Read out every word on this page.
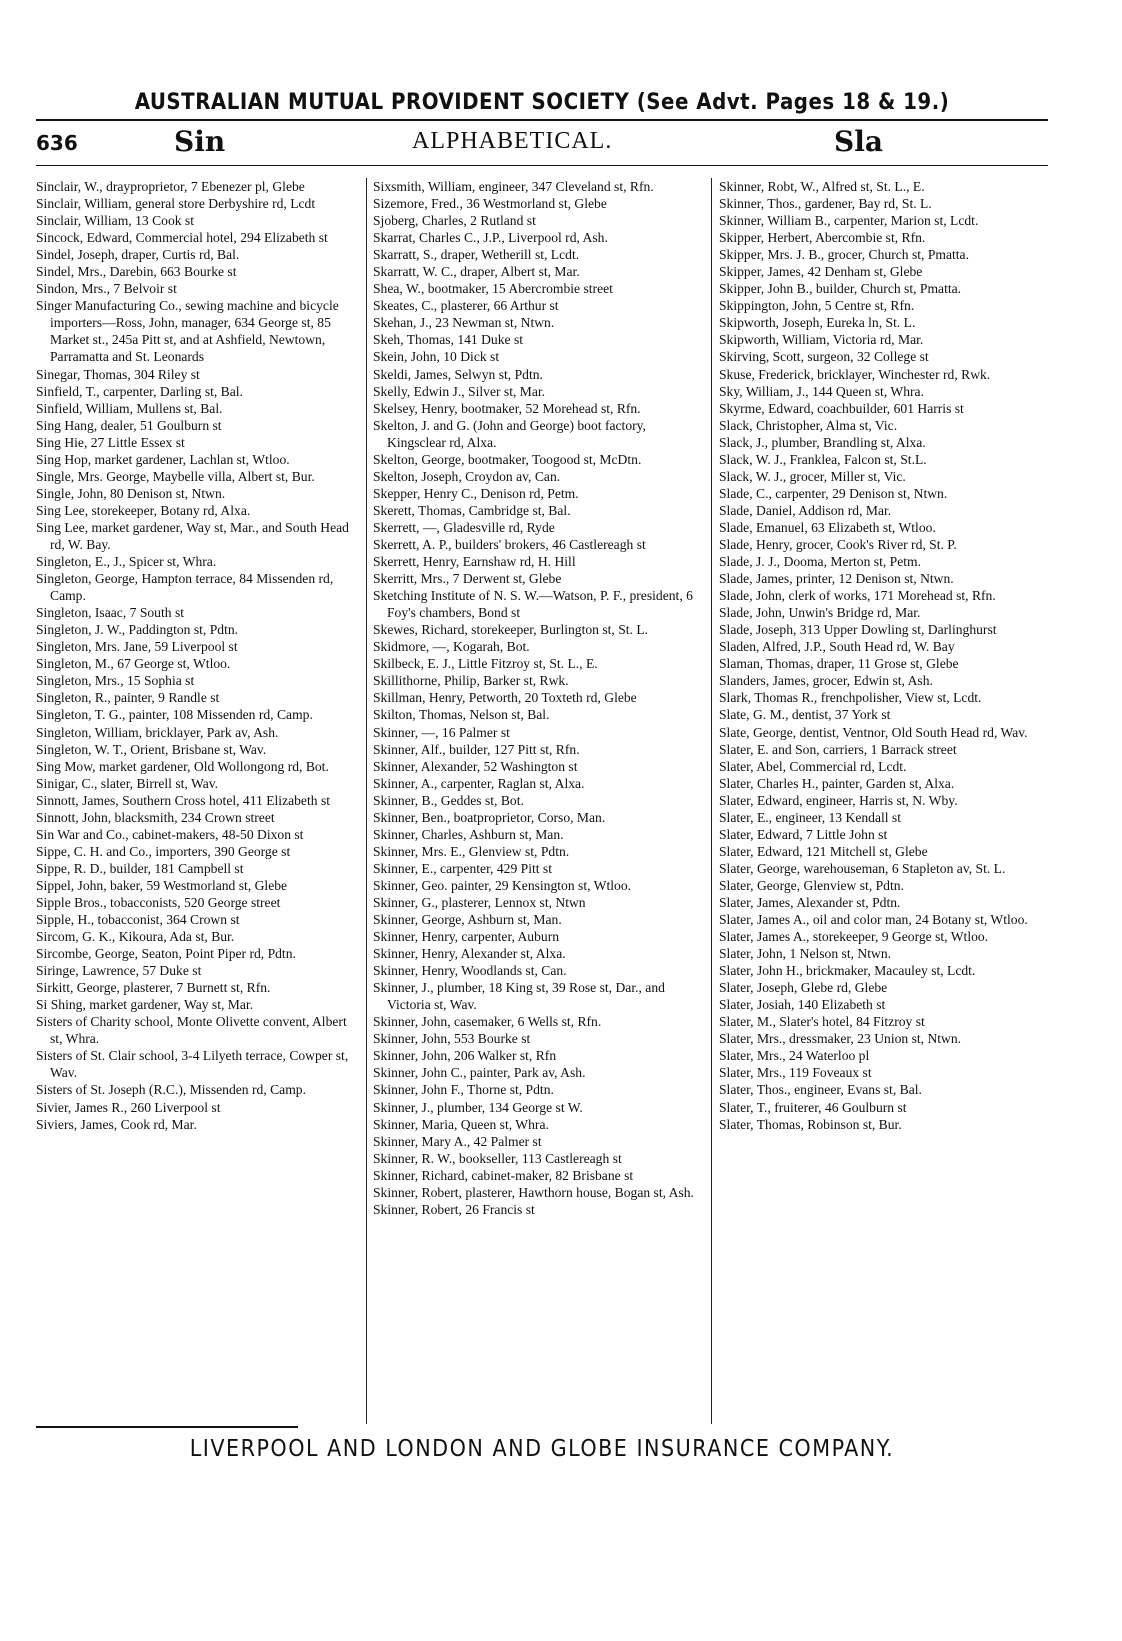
AUSTRALIAN MUTUAL PROVIDENT SOCIETY (See Advt. Pages 18 & 19.)
636	Sin	ALPHABETICAL.	Sla
Sinclair, W., drayproprietor, 7 Ebenezer pl, Glebe
Sinclair, William, general store Derbyshire rd, Lcdt
Sinclair, William, 13 Cook st
Sincock, Edward, Commercial hotel, 294 Elizabeth st
Sindel, Joseph, draper, Curtis rd, Bal.
Sindel, Mrs., Darebin, 663 Bourke st
Sindon, Mrs., 7 Belvoir st
Singer Manufacturing Co., sewing machine and bicycle importers—Ross, John, manager, 634 George st, 85 Market st., 245a Pitt st, and at Ashfield, Newtown, Parramatta and St. Leonards
Sinegar, Thomas, 304 Riley st
Sinfield, T., carpenter, Darling st, Bal.
Sinfield, William, Mullens st, Bal.
Sing Hang, dealer, 51 Goulburn st
Sing Hie, 27 Little Essex st
Sing Hop, market gardener, Lachlan st, Wtloo.
Single, Mrs. George, Maybelle villa, Albert st, Bur.
Single, John, 80 Denison st, Ntwn.
Sing Lee, storekeeper, Botany rd, Alxa.
Sing Lee, market gardener, Way st, Mar., and South Head rd, W. Bay.
Singleton, E., J., Spicer st, Whra.
Singleton, George, Hampton terrace, 84 Missenden rd, Camp.
Singleton, Isaac, 7 South st
Singleton, J. W., Paddington st, Pdtn.
Singleton, Mrs. Jane, 59 Liverpool st
Singleton, M., 67 George st, Wtloo.
Singleton, Mrs., 15 Sophia st
Singleton, R., painter, 9 Randle st
Singleton, T. G., painter, 108 Missenden rd, Camp.
Singleton, William, bricklayer, Park av, Ash.
Singleton, W. T., Orient, Brisbane st, Wav.
Sing Mow, market gardener, Old Wollongong rd, Bot.
Sinigar, C., slater, Birrell st, Wav.
Sinnott, James, Southern Cross hotel, 411 Elizabeth st
Sinnott, John, blacksmith, 234 Crown street
Sin War and Co., cabinet-makers, 48-50 Dixon st
Sippe, C. H. and Co., importers, 390 George st
Sippe, R. D., builder, 181 Campbell st
Sippel, John, baker, 59 Westmorland st, Glebe
Sipple Bros., tobacconists, 520 George street
Sipple, H., tobacconist, 364 Crown st
Sircom, G. K., Kikoura, Ada st, Bur.
Sircombe, George, Seaton, Point Piper rd, Pdtn.
Siringe, Lawrence, 57 Duke st
Sirkitt, George, plasterer, 7 Burnett st, Rfn.
Si Shing, market gardener, Way st, Mar.
Sisters of Charity school, Monte Olivette convent, Albert st, Whra.
Sisters of St. Clair school, 3-4 Lilyeth terrace, Cowper st, Wav.
Sisters of St. Joseph (R.C.), Missenden rd, Camp.
Sivier, James R., 260 Liverpool st
Siviers, James, Cook rd, Mar.
Sixsmith, William, engineer, 347 Cleveland st, Rfn.
Sizemore, Fred., 36 Westmorland st, Glebe
Sjoberg, Charles, 2 Rutland st
Skarrat, Charles C., J.P., Liverpool rd, Ash.
Skarratt, S., draper, Wetherill st, Lcdt.
Skarratt, W. C., draper, Albert st, Mar.
Shea, W., bootmaker, 15 Abercrombie street
Skeates, C., plasterer, 66 Arthur st
Skehan, J., 23 Newman st, Ntwn.
Skeh, Thomas, 141 Duke st
Skein, John, 10 Dick st
Skeldi, James, Selwyn st, Pdtn.
Skelly, Edwin J., Silver st, Mar.
Skelsey, Henry, bootmaker, 52 Morehead st, Rfn.
Skelton, J. and G. (John and George) boot factory, Kingsclear rd, Alxa.
Skelton, George, bootmaker, Toogood st, McDtn.
Skelton, Joseph, Croydon av, Can.
Skepper, Henry C., Denison rd, Petm.
Skerett, Thomas, Cambridge st, Bal.
Skerrett, —, Gladesville rd, Ryde
Skerrett, A. P., builders' brokers, 46 Castlereagh st
Skerrett, Henry, Earnshaw rd, H. Hill
Skerritt, Mrs., 7 Derwent st, Glebe
Sketching Institute of N. S. W.—Watson, P. F., president, 6 Foy's chambers, Bond st
Skewes, Richard, storekeeper, Burlington st, St. L.
Skidmore, —, Kogarah, Bot.
Skilbeck, E. J., Little Fitzroy st, St. L., E.
Skillithorne, Philip, Barker st, Rwk.
Skillman, Henry, Petworth, 20 Toxteth rd, Glebe
Skilton, Thomas, Nelson st, Bal.
Skinner, —, 16 Palmer st
Skinner, Alf., builder, 127 Pitt st, Rfn.
Skinner, Alexander, 52 Washington st
Skinner, A., carpenter, Raglan st, Alxa.
Skinner, B., Geddes st, Bot.
Skinner, Ben., boatproprietor, Corso, Man.
Skinner, Charles, Ashburn st, Man.
Skinner, Mrs. E., Glenview st, Pdtn.
Skinner, E., carpenter, 429 Pitt st
Skinner, Geo. painter, 29 Kensington st, Wtloo.
Skinner, G., plasterer, Lennox st, Ntwn
Skinner, George, Ashburn st, Man.
Skinner, Henry, carpenter, Auburn
Skinner, Henry, Alexander st, Alxa.
Skinner, Henry, Woodlands st, Can.
Skinner, J., plumber, 18 King st, 39 Rose st, Dar., and Victoria st, Wav.
Skinner, John, casemaker, 6 Wells st, Rfn.
Skinner, John, 553 Bourke st
Skinner, John, 206 Walker st, Rfn
Skinner, John C., painter, Park av, Ash.
Skinner, John F., Thorne st, Pdtn.
Skinner, J., plumber, 134 George st W.
Skinner, Maria, Queen st, Whra.
Skinner, Mary A., 42 Palmer st
Skinner, R. W., bookseller, 113 Castlereagh st
Skinner, Richard, cabinet-maker, 82 Brisbane st
Skinner, Robert, plasterer, Hawthorn house, Bogan st, Ash.
Skinner, Robert, 26 Francis st
Skinner, Robt, W., Alfred st, St. L., E.
Skinner, Thos., gardener, Bay rd, St. L.
Skinner, William B., carpenter, Marion st, Lcdt.
Skipper, Herbert, Abercombie st, Rfn.
Skipper, Mrs. J. B., grocer, Church st, Pmatta.
Skipper, James, 42 Denham st, Glebe
Skipper, John B., builder, Church st, Pmatta.
Skippington, John, 5 Centre st, Rfn.
Skipworth, Joseph, Eureka ln, St. L.
Skipworth, William, Victoria rd, Mar.
Skirving, Scott, surgeon, 32 College st
Skuse, Frederick, bricklayer, Winchester rd, Rwk.
Sky, William, J., 144 Queen st, Whra.
Skyrme, Edward, coachbuilder, 601 Harris st
Slack, Christopher, Alma st, Vic.
Slack, J., plumber, Brandling st, Alxa.
Slack, W. J., Franklea, Falcon st, St.L.
Slack, W. J., grocer, Miller st, Vic.
Slade, C., carpenter, 29 Denison st, Ntwn.
Slade, Daniel, Addison rd, Mar.
Slade, Emanuel, 63 Elizabeth st, Wtloo.
Slade, Henry, grocer, Cook's River rd, St. P.
Slade, J. J., Dooma, Merton st, Petm.
Slade, James, printer, 12 Denison st, Ntwn.
Slade, John, clerk of works, 171 Morehead st, Rfn.
Slade, John, Unwin's Bridge rd, Mar.
Slade, Joseph, 313 Upper Dowling st, Darlinghurst
Sladen, Alfred, J.P., South Head rd, W. Bay
Slaman, Thomas, draper, 11 Grose st, Glebe
Slanders, James, grocer, Edwin st, Ash.
Slark, Thomas R., frenchpolisher, View st, Lcdt.
Slate, G. M., dentist, 37 York st
Slate, George, dentist, Ventnor, Old South Head rd, Wav.
Slater, E. and Son, carriers, 1 Barrack street
Slater, Abel, Commercial rd, Lcdt.
Slater, Charles H., painter, Garden st, Alxa.
Slater, Edward, engineer, Harris st, N. Wby.
Slater, E., engineer, 13 Kendall st
Slater, Edward, 7 Little John st
Slater, Edward, 121 Mitchell st, Glebe
Slater, George, warehouseman, 6 Stapleton av, St. L.
Slater, George, Glenview st, Pdtn.
Slater, James, Alexander st, Pdtn.
Slater, James A., oil and color man, 24 Botany st, Wtloo.
Slater, James A., storekeeper, 9 George st, Wtloo.
Slater, John, 1 Nelson st, Ntwn.
Slater, John H., brickmaker, Macauley st, Lcdt.
Slater, Joseph, Glebe rd, Glebe
Slater, Josiah, 140 Elizabeth st
Slater, M., Slater's hotel, 84 Fitzroy st
Slater, Mrs., dressmaker, 23 Union st, Ntwn.
Slater, Mrs., 24 Waterloo pl
Slater, Mrs., 119 Foveaux st
Slater, Thos., engineer, Evans st, Bal.
Slater, T., fruiterer, 46 Goulburn st
Slater, Thomas, Robinson st, Bur.
LIVERPOOL AND LONDON AND GLOBE INSURANCE COMPANY.
